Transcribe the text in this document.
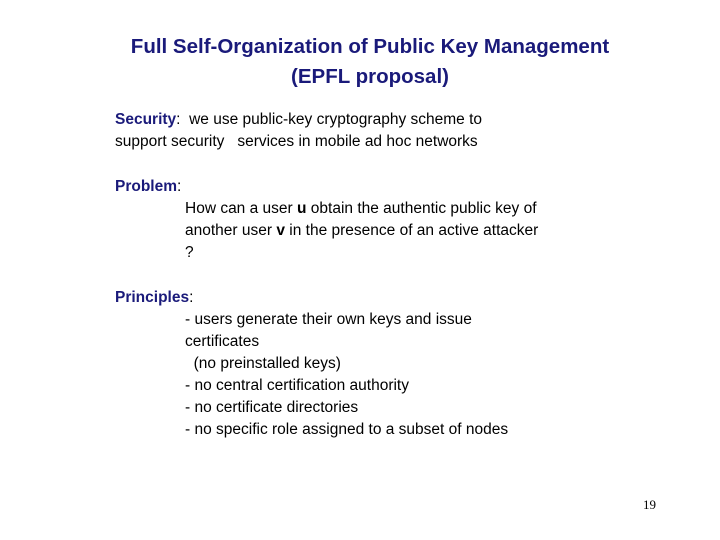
Full Self-Organization of Public Key Management
(EPFL proposal)
Security:  we use public-key cryptography scheme to
support security   services in mobile ad hoc networks
Problem:
How can a user u obtain the authentic public key of
another user v in the presence of an active attacker
?
Principles:
- users generate their own keys and issue
certificates
(no preinstalled keys)
- no central certification authority
- no certificate directories
- no specific role assigned to a subset of nodes
19
